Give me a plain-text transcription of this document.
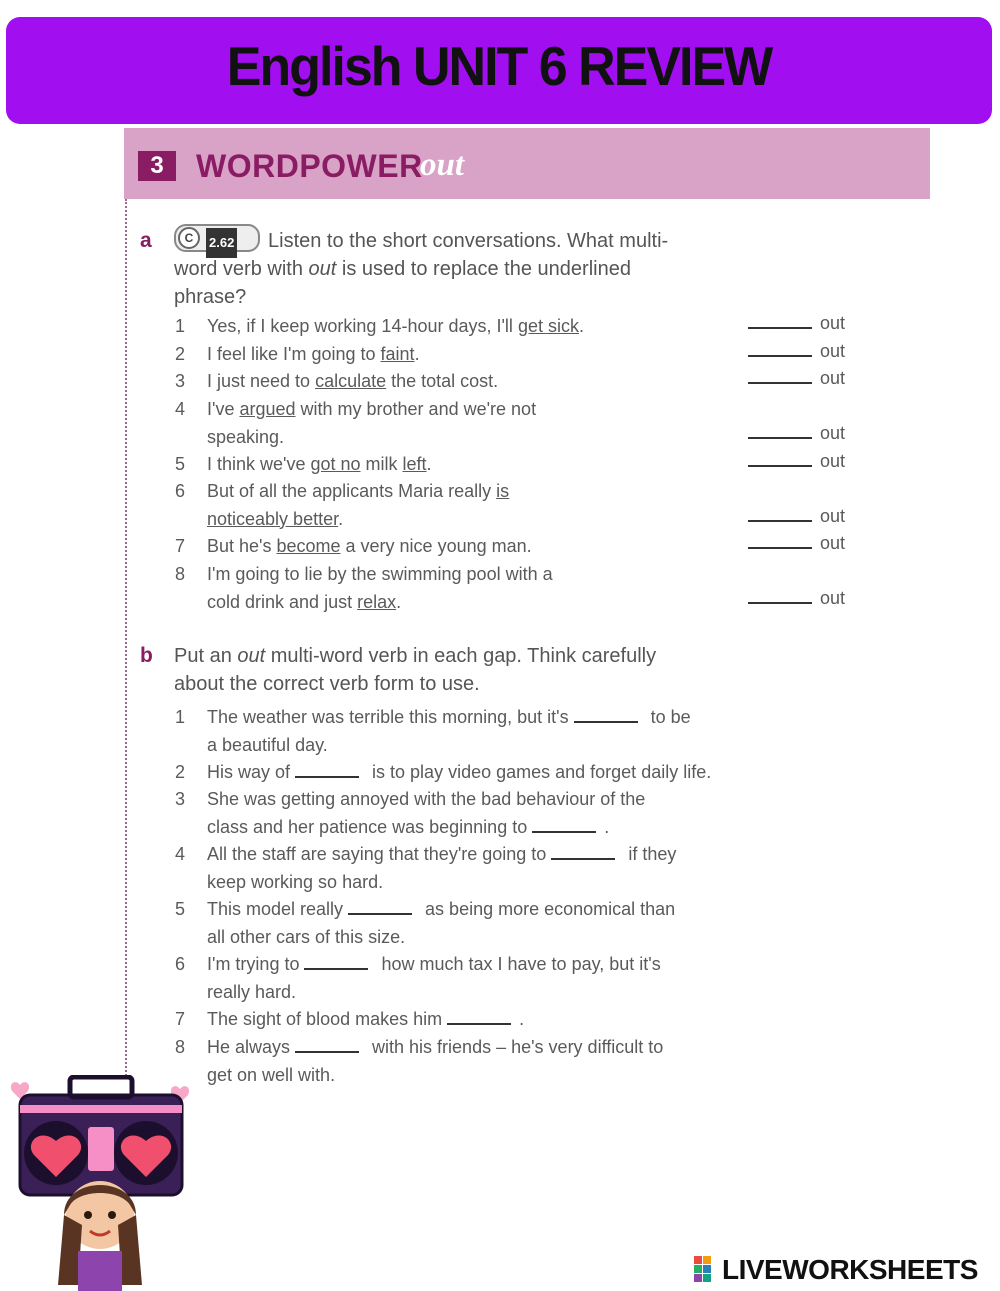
English UNIT 6 REVIEW
3	WORDPOWER
out
a	C	2.62 Listen to the short conversations. What multi-
word verb with out is used to replace the underlined
phrase?
1 Yes, if I keep working 14-hour days, I'll get sick.	out
2 I feel like I'm going to faint.	out
3 I just need to calculate the total cost.	out
4 I've argued with my brother and we're not
speaking.	out
5 I think we've got no milk left.	out
6 But of all the applicants Maria really is
noticeably better.	out
7 But he's become a very nice young man.	out
8 I'm going to lie by the swimming pool with a
cold drink and just relax.	out
b Put an out multi-word verb in each gap. Think carefully
about the correct verb form to use.
1 The weather was terrible this morning, but it's	to be
a beautiful day.
2 His way of	is to play video games and forget daily life.
3 She was getting annoyed with the bad behaviour of the
class and her patience was beginning to	.
4 All the staff are saying that they're going to	if they
keep working so hard.
5 This model really	as being more economical than
all other cars of this size.
6 I'm trying to	how much tax I have to pay, but it's
really hard.
7 The sight of blood makes him	.
8 He always	with his friends – he's very difficult to
get on well with.
LIVEWORKSHEETS
